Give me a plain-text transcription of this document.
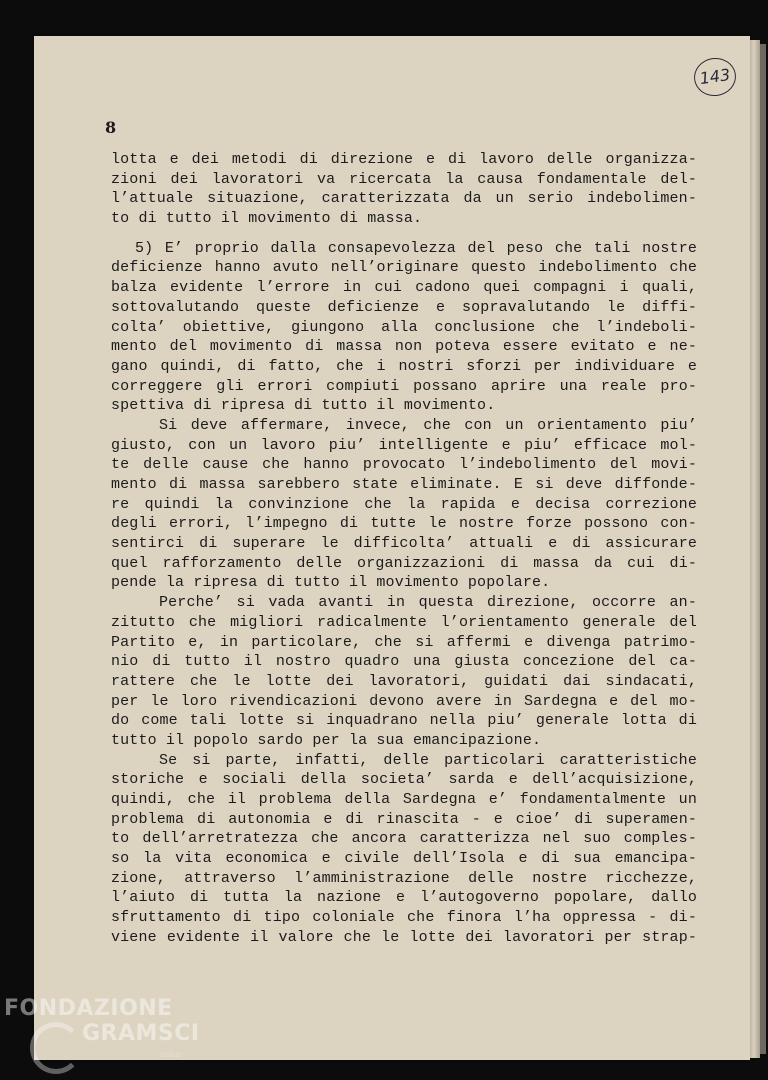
143
8
lotta e dei metodi di direzione e di lavoro delle organizza-
zioni dei lavoratori va ricercata la causa fondamentale del-
l’attuale situazione, caratterizzata da un serio indebolimen-
to di tutto il movimento di massa.
5) E’ proprio dalla consapevolezza del peso che tali nostre
deficienze hanno avuto nell’originare questo indebolimento che
balza evidente l’errore in cui cadono quei compagni i quali,
sottovalutando queste deficienze e sopravalutando le diffi-
colta’ obiettive, giungono alla conclusione che l’indeboli-
mento del movimento di massa non poteva essere evitato e ne-
gano quindi, di fatto, che i nostri sforzi per individuare e
correggere gli errori compiuti possano aprire una reale pro-
spettiva di ripresa di tutto il movimento.
Si deve affermare, invece, che con un orientamento piu’
giusto, con un lavoro piu’ intelligente e piu’ efficace mol-
te delle cause che hanno provocato l’indebolimento del movi-
mento di massa sarebbero state eliminate. E si deve diffonde-
re quindi la convinzione che la rapida e decisa correzione
degli errori, l’impegno di tutte le nostre forze possono con-
sentirci di superare le difficolta’ attuali e di assicurare
quel rafforzamento delle organizzazioni di massa da cui di-
pende la ripresa di tutto il movimento popolare.
Perche’ si vada avanti in questa direzione, occorre an-
zitutto che migliori radicalmente l’orientamento generale del
Partito e, in particolare, che si affermi e divenga patrimo-
nio di tutto il nostro quadro una giusta concezione del ca-
rattere che le lotte dei lavoratori, guidati dai sindacati,
per le loro rivendicazioni devono avere in Sardegna e del mo-
do come tali lotte si inquadrano nella piu’ generale lotta di
tutto il popolo sardo per la sua emancipazione.
Se si parte, infatti, delle particolari caratteristiche
storiche e sociali della societa’ sarda e dell’acquisizione,
quindi, che il problema della Sardegna e’ fondamentalmente un
problema di autonomia e di rinascita - e cioe’ di superamen-
to dell’arretratezza che ancora caratterizza nel suo comples-
so la vita economica e civile dell’Isola e di sua emancipa-
zione, attraverso l’amministrazione delle nostre ricchezze,
l’aiuto di tutta la nazione e l’autogoverno popolare, dallo
sfruttamento di tipo coloniale che finora l’ha oppressa - di-
viene evidente il valore che le lotte dei lavoratori per strap-
FONDAZIONE
GRAMSCI
onlus
